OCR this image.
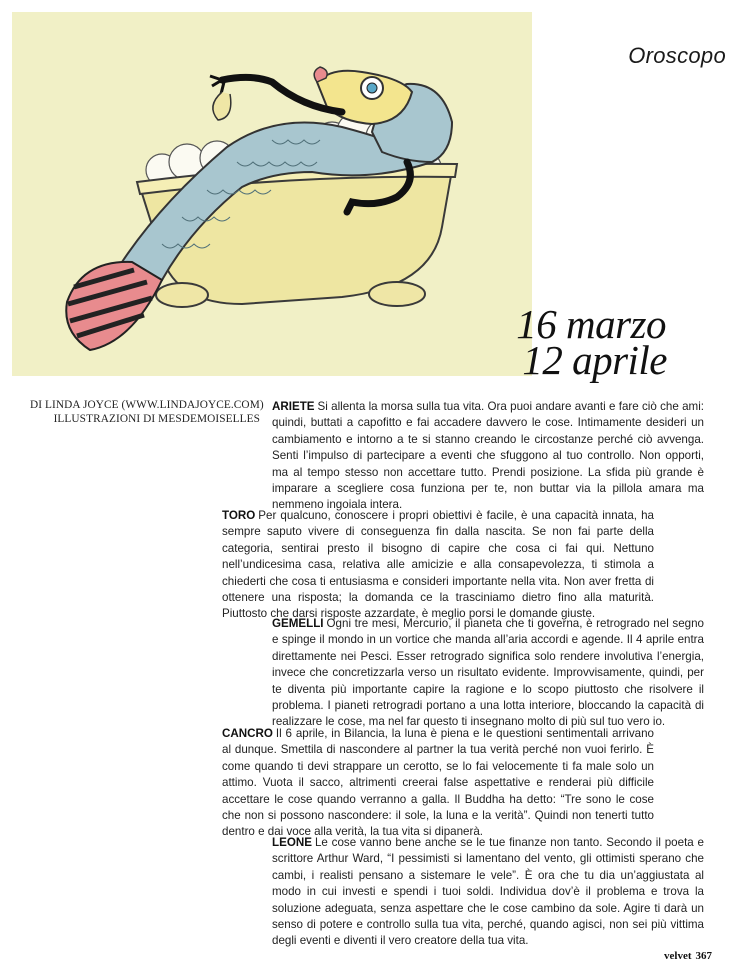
Oroscopo
16 marzo
12 aprile
DI LINDA JOYCE (WWW.LINDAJOYCE.COM)
ILLUSTRAZIONI DI MESDEMOISELLES
ARIETE Si allenta la morsa sulla tua vita. Ora puoi andare avanti e fare ciò che ami: quindi, buttati a capofitto e fai accadere davvero le cose. Intimamente desideri un cambiamento e intorno a te si stanno creando le circostanze perché ciò avvenga. Senti l’impulso di partecipare a eventi che sfuggono al tuo controllo. Non opporti, ma al tempo stesso non accettare tutto. Prendi posizione. La sfida più grande è imparare a scegliere cosa funziona per te, non buttar via la pillola amara ma nemmeno ingoiala intera.
TORO Per qualcuno, conoscere i propri obiettivi è facile, è una capacità innata, ha sempre saputo vivere di conseguenza fin dalla nascita. Se non fai parte della categoria, sentirai presto il bisogno di capire che cosa ci fai qui. Nettuno nell’undicesima casa, relativa alle amicizie e alla consapevolezza, ti stimola a chiederti che cosa ti entusiasma e consideri importante nella vita. Non aver fretta di ottenere una risposta; la domanda ce la trasciniamo dietro fino alla maturità. Piuttosto che darsi risposte azzardate, è meglio porsi le domande giuste.
GEMELLI Ogni tre mesi, Mercurio, il pianeta che ti governa, è retrogrado nel segno e spinge il mondo in un vortice che manda all’aria accordi e agende. Il 4 aprile entra direttamente nei Pesci. Esser retrogrado significa solo rendere involutiva l’energia, invece che concretizzarla verso un risultato evidente. Improvvisamente, quindi, per te diventa più importante capire la ragione e lo scopo piuttosto che risolvere il problema. I pianeti retrogradi portano a una lotta interiore, bloccando la capacità di realizzare le cose, ma nel far questo ti insegnano molto di più sul tuo vero io.
CANCRO Il 6 aprile, in Bilancia, la luna è piena e le questioni sentimentali arrivano al dunque. Smettila di nascondere al partner la tua verità perché non vuoi ferirlo. È come quando ti devi strappare un cerotto, se lo fai velocemente ti fa male solo un attimo. Vuota il sacco, altrimenti creerai false aspettative e renderai più difficile accettare le cose quando verranno a galla. Il Buddha ha detto: “Tre sono le cose che non si possono nascondere: il sole, la luna e la verità”. Quindi non tenerti tutto dentro e dai voce alla verità, la tua vita si dipanerà.
LEONE Le cose vanno bene anche se le tue finanze non tanto. Secondo il poeta e scrittore Arthur Ward, “I pessimisti si lamentano del vento, gli ottimisti sperano che cambi, i realisti pensano a sistemare le vele”. È ora che tu dia un’aggiustata al modo in cui investi e spendi i tuoi soldi. Individua dov’è il problema e trova la soluzione adeguata, senza aspettare che le cose cambino da sole. Agire ti darà un senso di potere e controllo sulla tua vita, perché, quando agisci, non sei più vittima degli eventi e diventi il vero creatore della tua vita.
velvet 367
